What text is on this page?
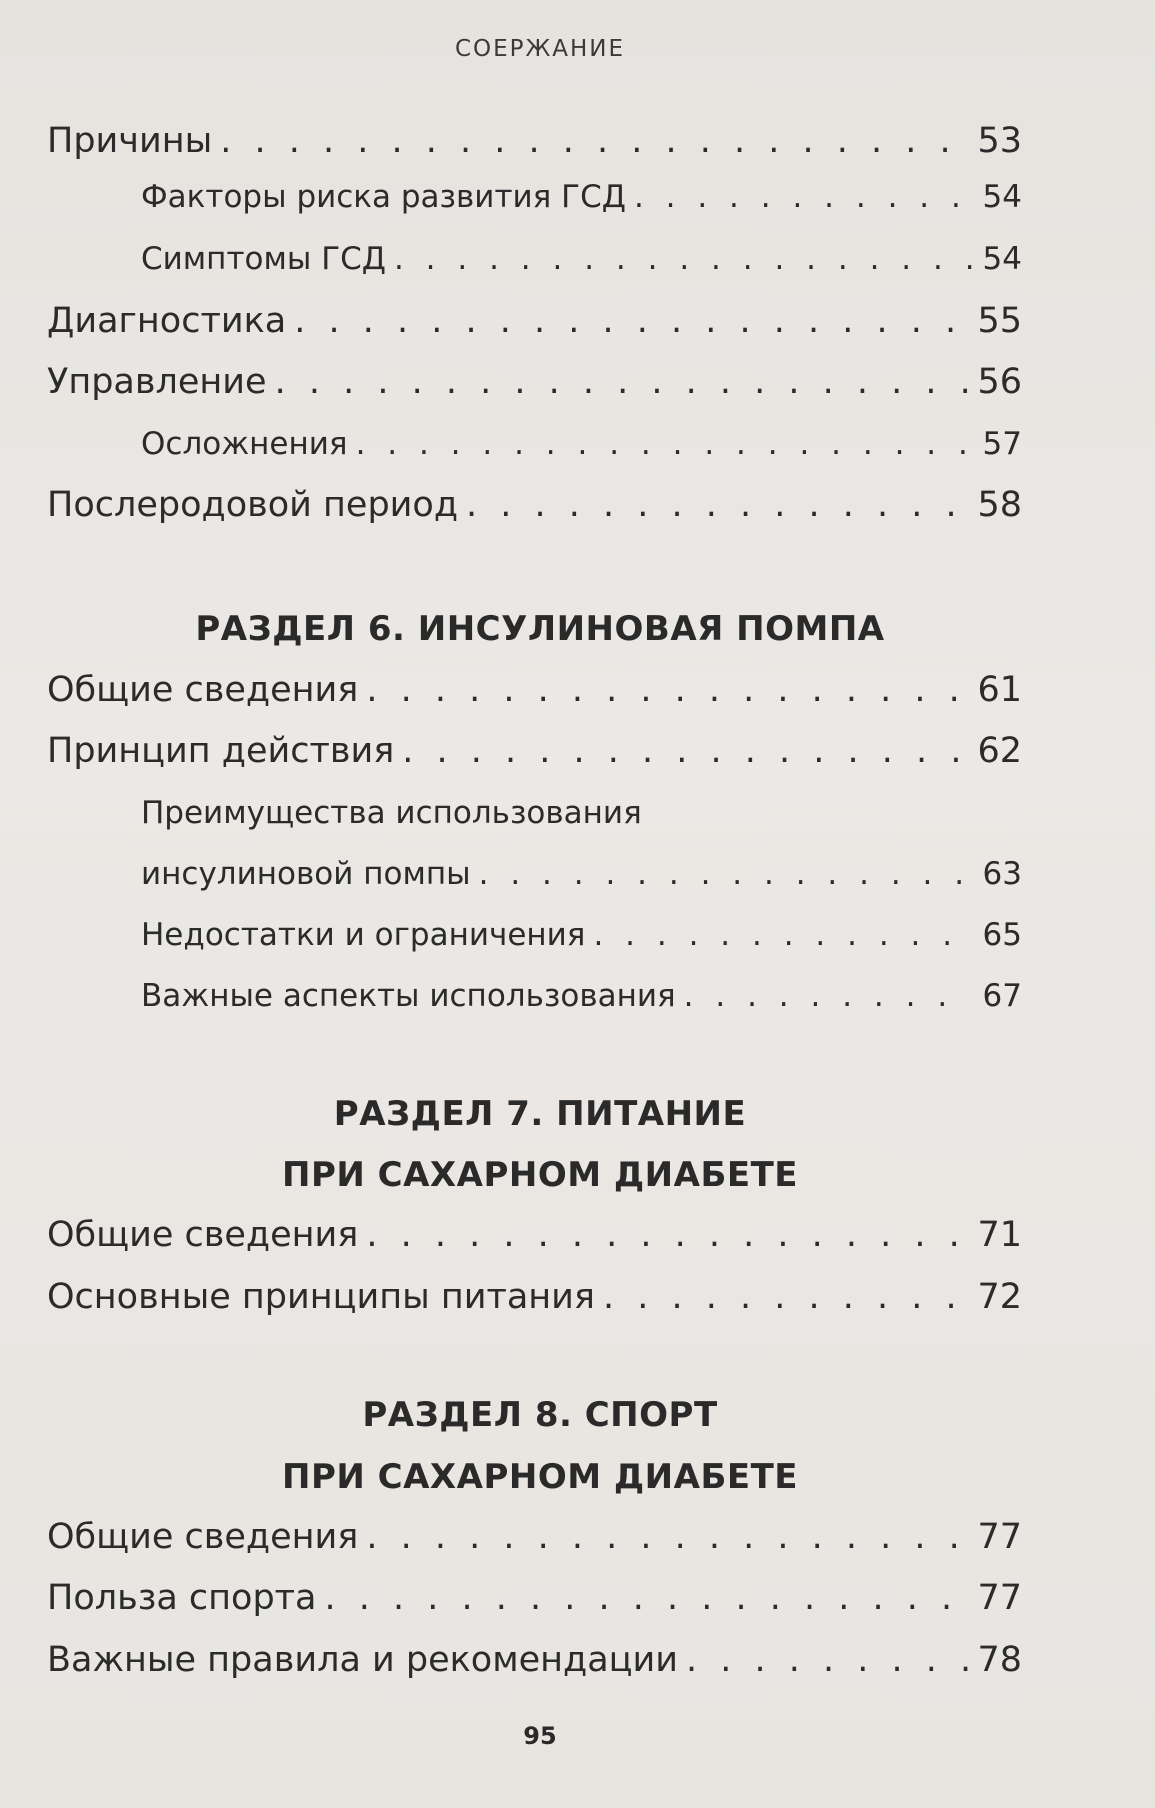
СОЕРЖАНИЕ
Причины . . .	53
Факторы риска развития ГСД . . .	54
Симптомы ГСД . . .	54
Диагностика . . .	55
Управление . . .	56
Осложнения . . .	57
Послеродовой период . . .	58
РАЗДЕЛ 6. ИНСУЛИНОВАЯ ПОМПА
Общие сведения . . .	61
Принцип действия . . .	62
Преимущества использования
инсулиновой помпы . . .	63
Недостатки и ограничения . . .	65
Важные аспекты использования . . .	67
РАЗДЕЛ 7. ПИТАНИЕ
ПРИ САХАРНОМ ДИАБЕТЕ
Общие сведения . . .	71
Основные принципы питания . . .	72
РАЗДЕЛ 8. СПОРТ
ПРИ САХАРНОМ ДИАБЕТЕ
Общие сведения . . .	77
Польза спорта . . .	77
Важные правила и рекомендации . . .	78
95
